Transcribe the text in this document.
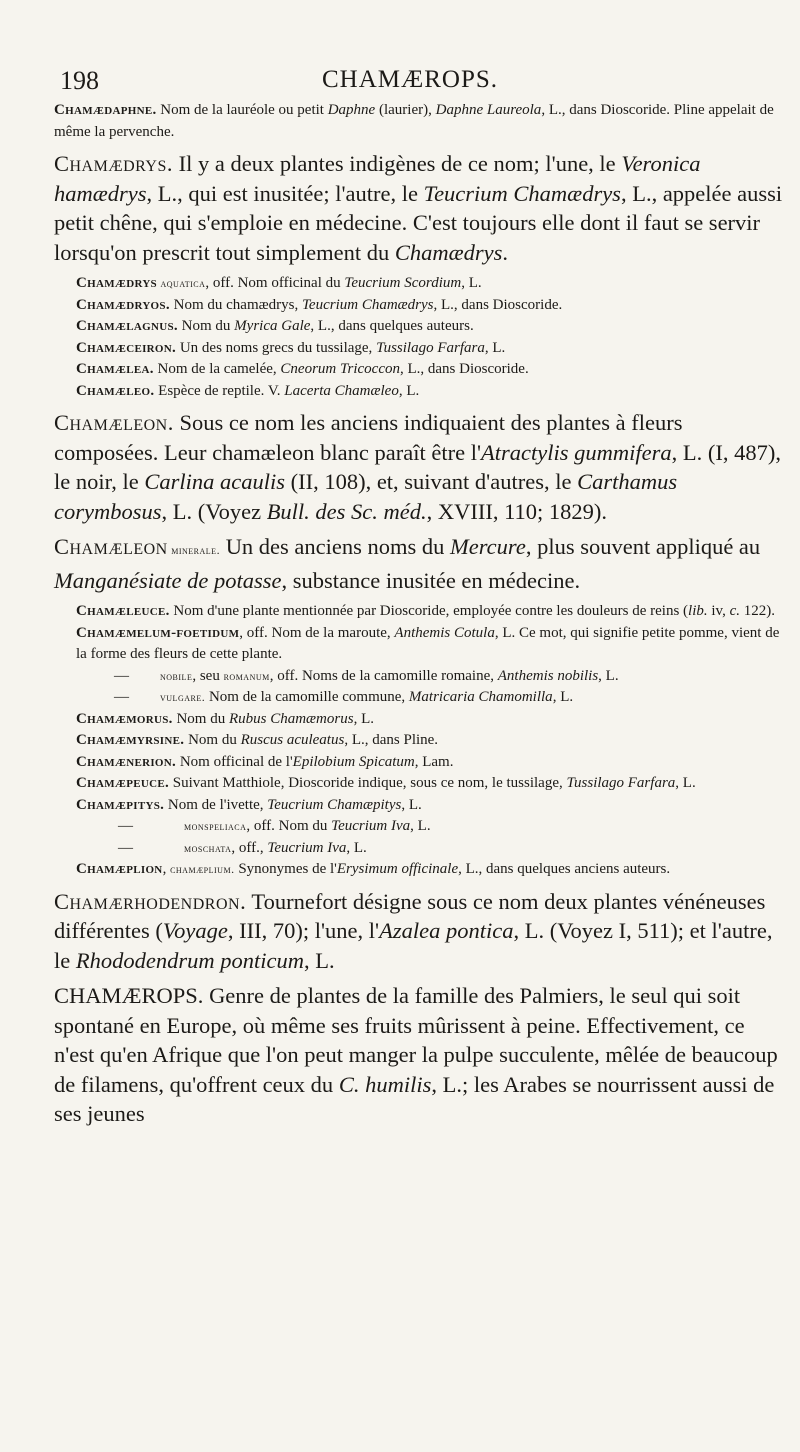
198	CHAMÆROPS.

Chamædaphne. Nom de la lauréole ou petit Daphne (laurier), Daphne Laureola, L., dans Dioscoride. Pline appelait de même la pervenche.

Chamædrys. Il y a deux plantes indigènes de ce nom; l'une, le Veronica hamædrys, L., qui est inusitée; l'autre, le Teucrium Chamædrys, L., appelée aussi petit chêne, qui s'emploie en médecine. C'est toujours elle dont il faut se servir lorsqu'on prescrit tout simplement du Chamædrys.

Chamædrys aquatica, off. Nom officinal du Teucrium Scordium, L.

Chamædryos. Nom du chamædrys, Teucrium Chamædrys, L., dans Dioscoride.

Chamælagnus. Nom du Myrica Gale, L., dans quelques auteurs.

Chamæceiron. Un des noms grecs du tussilage, Tussilago Farfara, L.

Chamælea. Nom de la camelée, Cneorum Tricoccon, L., dans Dioscoride.

Chamæleo. Espèce de reptile. V. Lacerta Chamæleo, L.

Chamæleon. Sous ce nom les anciens indiquaient des plantes à fleurs composées. Leur chamæleon blanc paraît être l'Atractylis gummifera, L. (I, 487), le noir, le Carlina acaulis (II, 108), et, suivant d'autres, le Carthamus corymbosus, L. (Voyez Bull. des Sc. méd., XVIII, 110; 1829).

Chamæleon minerale. Un des anciens noms du Mercure, plus souvent appliqué au Manganésiate de potasse, substance inusitée en médecine.

Chamæleuce. Nom d'une plante mentionnée par Dioscoride, employée contre les douleurs de reins (lib. iv, c. 122).

Chamæmelum-foetidum, off. Nom de la maroute, Anthemis Cotula, L. Ce mot, qui signifie petite pomme, vient de la forme des fleurs de cette plante.

—	nobile, seu romanum, off. Noms de la camomille romaine, Anthemis nobilis, L.

—	vulgare. Nom de la camomille commune, Matricaria Chamomilla, L.

Chamæmorus. Nom du Rubus Chamæmorus, L.

Chamæmyrsine. Nom du Ruscus aculeatus, L., dans Pline.

Chamænerion. Nom officinal de l'Epilobium Spicatum, Lam.

Chamæpeuce. Suivant Matthiole, Dioscoride indique, sous ce nom, le tussilage, Tussilago Farfara, L.

Chamæpitys. Nom de l'ivette, Teucrium Chamæpitys, L.

—	monspeliaca, off. Nom du Teucrium Iva, L.

—	moschata, off., Teucrium Iva, L.

Chamæplion, chamæplium. Synonymes de l'Erysimum officinale, L., dans quelques anciens auteurs.

Chamærhodendron. Tournefort désigne sous ce nom deux plantes vénéneuses différentes (Voyage, III, 70); l'une, l'Azalea pontica, L. (Voyez I, 511); et l'autre, le Rhododendrum ponticum, L.

CHAMÆROPS. Genre de plantes de la famille des Palmiers, le seul qui soit spontané en Europe, où même ses fruits mûrissent à peine. Effectivement, ce n'est qu'en Afrique que l'on peut manger la pulpe succulente, mêlée de beaucoup de filamens, qu'offrent ceux du C. humilis, L.; les Arabes se nourrissent aussi de ses jeunes
